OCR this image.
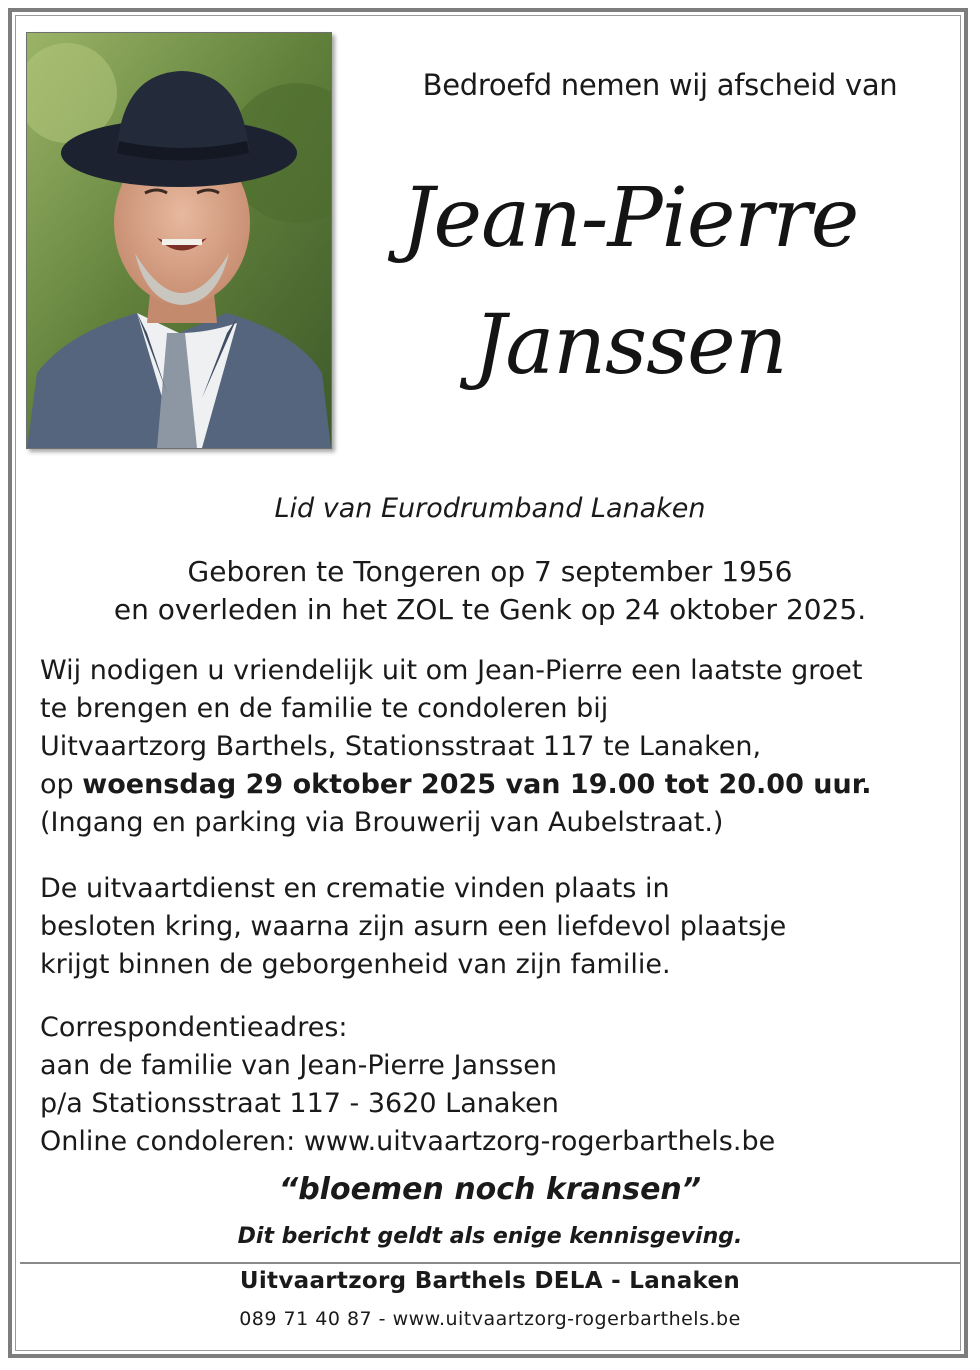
Bedroefd nemen wij afscheid van
Jean-Pierre
Janssen
Lid van Eurodrumband Lanaken
Geboren te Tongeren op 7 september 1956
en overleden in het ZOL te Genk op 24 oktober 2025.
Wij nodigen u vriendelijk uit om Jean-Pierre een laatste groet
te brengen en de familie te condoleren bij
Uitvaartzorg Barthels, Stationsstraat 117 te Lanaken,
op woensdag 29 oktober 2025 van 19.00 tot 20.00 uur.
(Ingang en parking via Brouwerij van Aubelstraat.)
De uitvaartdienst en crematie vinden plaats in
besloten kring, waarna zijn asurn een liefdevol plaatsje
krijgt binnen de geborgenheid van zijn familie.
Correspondentieadres:
aan de familie van Jean-Pierre Janssen
p/a Stationsstraat 117 - 3620 Lanaken
Online condoleren: www.uitvaartzorg-rogerbarthels.be
“bloemen noch kransen”
Dit bericht geldt als enige kennisgeving.
Uitvaartzorg Barthels DELA - Lanaken
089 71 40 87 - www.uitvaartzorg-rogerbarthels.be
